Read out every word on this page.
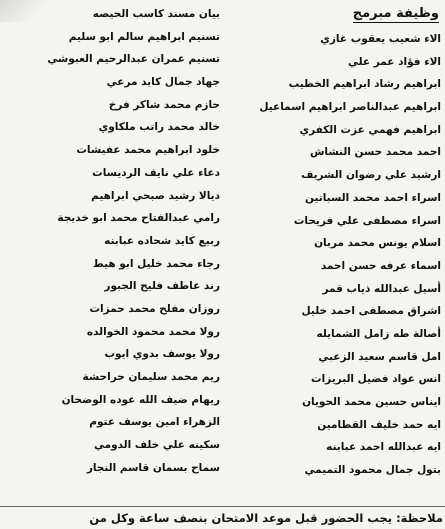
وظيفة مبرمج
الاء شعيب يعقوب غازي
الاء فؤاد عمر علي
ابراهيم رشاد ابراهيم الخطيب
ابراهيم عبدالناصر ابراهيم اسماعيل
ابراهيم فهمي عزت الكفري
احمد محمد حسن النشاش
ارشيد علي رضوان الشريف
اسراء احمد محمد السباتين
اسراء مصطفى علي فريحات
اسلام يونس محمد مربان
اسماء عرفه حسن احمد
أسيل عبدالله ذياب قمر
اشراق مصطفى احمد خليل
أصالة طه زامل الشمايله
امل قاسم سعيد الزعبي
انس عواد فضيل البريزات
ايناس حسين محمد الحويان
ايه حمد خليف القطامين
ايه عبدالله احمد عبابنه
بتول جمال محمود التميمي
بيان مسند كاسب الحيصه
تسنيم ابراهيم سالم ابو سليم
تسنيم عمران عبدالرحيم العبوشي
جهاد جمال كايد مرعي
حازم محمد شاكر فرخ
خالد محمد راتب ملكاوي
خلود ابراهيم محمد عفيشات
دعاء علي نايف الرديسات
ديالا رشيد صبحي ابراهيم
رامي عبدالفتاح محمد ابو خديجة
ربيع كايد شحاده عبابنه
رجاء محمد خليل ابو هيط
رند عاطف فليح الجبور
روزان مفلح محمد حمزات
رولا محمد محمود الخوالده
رولا يوسف بدوي ايوب
ريم محمد سليمان حراحشة
ريهام ضيف الله عوده الوضحان
الزهراء امين يوسف عتوم
سكينه علي خلف الدومي
سماح بسمان قاسم النجار
ملاحظة: يجب الحضور قبل موعد الامتحان بنصف ساعة وكل من
